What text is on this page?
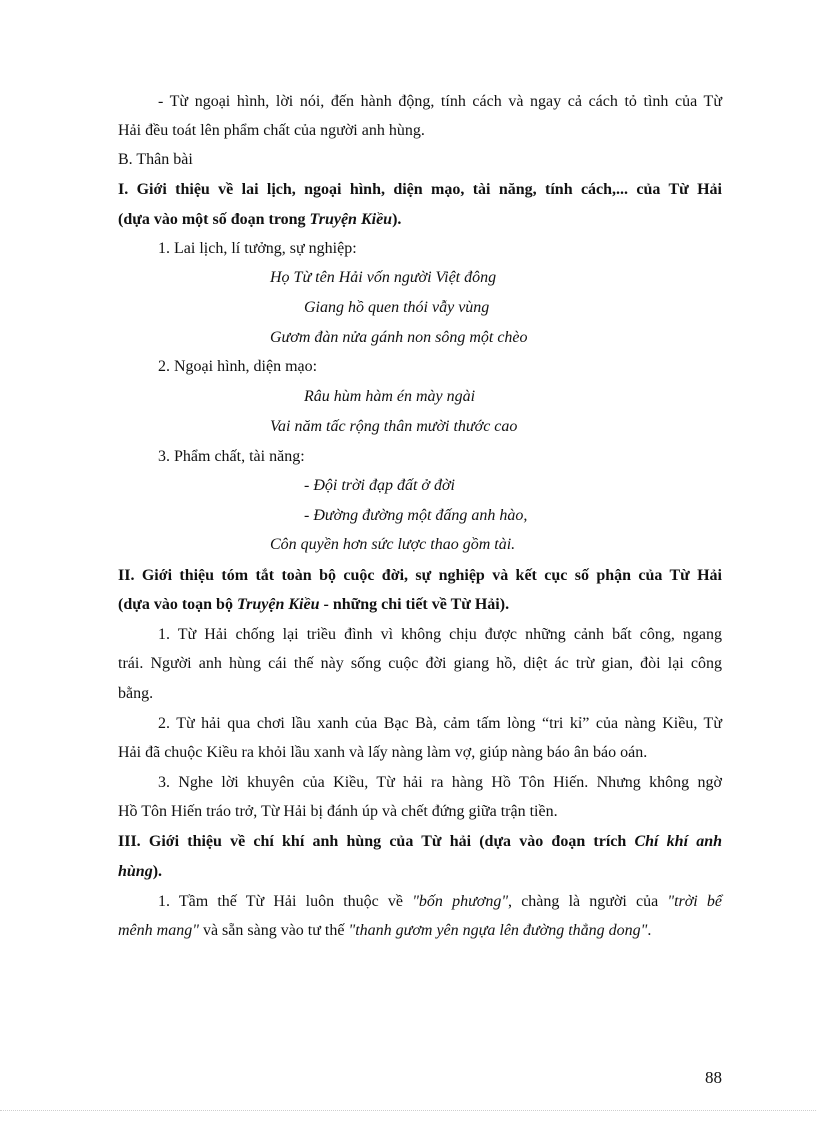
- Từ ngoại hình, lời nói, đến hành động, tính cách và ngay cả cách tỏ tình của Từ
Hải đều toát lên phẩm chất của người anh hùng.
B. Thân bài
I. Giới thiệu về lai lịch, ngoại hình, diện mạo, tài năng, tính cách,... của Từ Hải
(dựa vào một số đoạn trong Truyện Kiều).
1. Lai lịch, lí tưởng, sự nghiệp:
Họ Từ tên Hải vốn người Việt đông
Giang hồ quen thói vẫy vùng
Gươm đàn nửa gánh non sông một chèo
2. Ngoại hình, diện mạo:
Râu hùm hàm én mày ngài
Vai năm tấc rộng thân mười thước cao
3. Phẩm chất, tài năng:
- Đội trời đạp đất ở đời
- Đường đường một đấng anh hào,
Côn quyền hơn sức lược thao gồm tài.
II. Giới thiệu tóm tắt toàn bộ cuộc đời, sự nghiệp và kết cục số phận của Từ Hải
(dựa vào toạn bộ Truyện Kiều - những chi tiết về Từ Hải).
1. Từ Hải chống lại triều đình vì không chịu được những cảnh bất công, ngang
trái. Người anh hùng cái thế này sống cuộc đời giang hồ, diệt ác trừ gian, đòi lại công
bằng.
2. Từ hải qua chơi lầu xanh của Bạc Bà, cảm tấm lòng “tri kỉ” của nàng Kiều, Từ
Hải đã chuộc Kiều ra khỏi lầu xanh và lấy nàng làm vợ, giúp nàng báo ân báo oán.
3. Nghe lời khuyên của Kiều, Từ hải ra hàng Hồ Tôn Hiến. Nhưng không ngờ
Hồ Tôn Hiến tráo trở, Từ Hải bị đánh úp và chết đứng giữa trận tiền.
III. Giới thiệu về chí khí anh hùng của Từ hải (dựa vào đoạn trích Chí khí anh
hùng).
1. Tầm thế Từ Hải luôn thuộc về "bốn phương", chàng là người của "trời bể
mênh mang" và sẵn sàng vào tư thế "thanh gươm yên ngựa lên đường thẳng dong".
88
